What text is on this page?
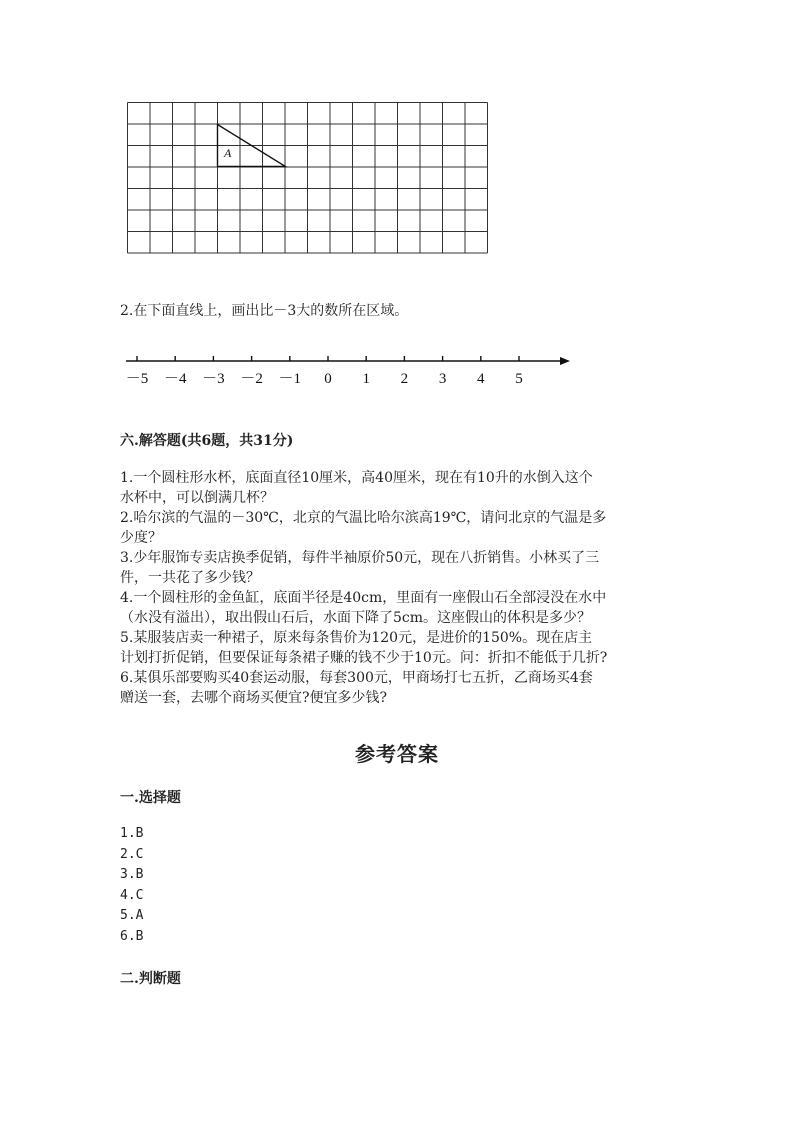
A
2.在下面直线上，画出比－3大的数所在区域。
－5 －4 －3 －2 －1 0 1 2 3 4 5
六.解答题(共6题，共31分)
1.一个圆柱形水杯，底面直径10厘米，高40厘米，现在有10升的水倒入这个
水杯中，可以倒满几杯？
2.哈尔滨的气温的－30℃，北京的气温比哈尔滨高19℃，请问北京的气温是多
少度？
3.少年服饰专卖店换季促销，每件半袖原价50元，现在八折销售。小林买了三
件，一共花了多少钱？
4.一个圆柱形的金鱼缸，底面半径是40cm，里面有一座假山石全部浸没在水中
（水没有溢出），取出假山石后，水面下降了5cm。这座假山的体积是多少？
5.某服装店卖一种裙子，原来每条售价为120元，是进价的150%。现在店主
计划打折促销，但要保证每条裙子赚的钱不少于10元。问：折扣不能低于几折?
6.某俱乐部要购买40套运动服，每套300元，甲商场打七五折，乙商场买4套
赠送一套，去哪个商场买便宜?便宜多少钱?
参考答案
一.选择题
1.B
2.C
3.B
4.C
5.A
6.B
二.判断题
